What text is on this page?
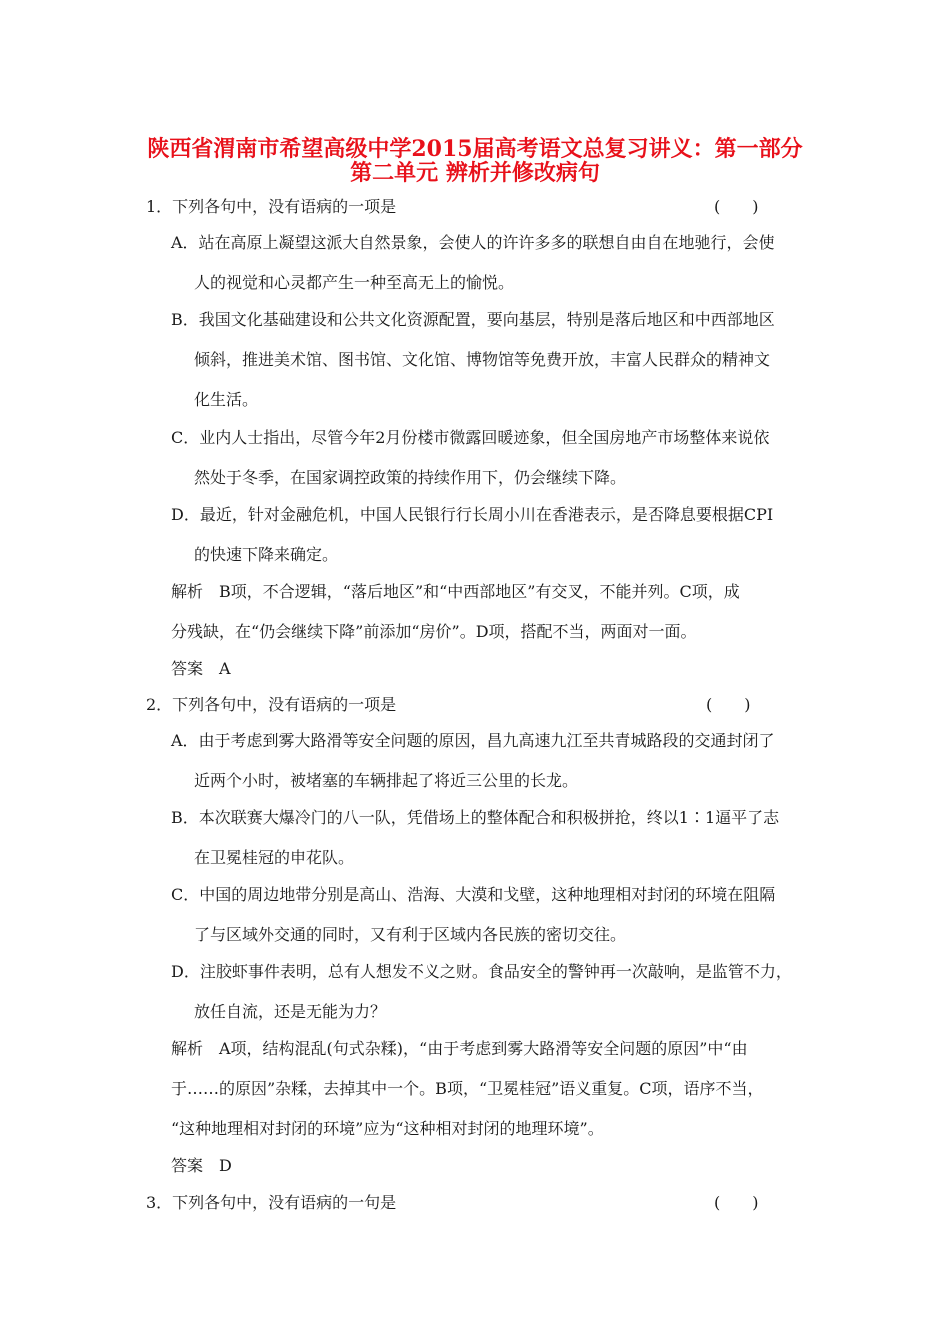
陕西省渭南市希望高级中学2015届高考语文总复习讲义：第一部分
第二单元 辨析并修改病句
1．下列各句中，没有语病的一项是	(　　)
A．站在高原上凝望这派大自然景象，会使人的许许多多的联想自由自在地驰行，会使
人的视觉和心灵都产生一种至高无上的愉悦。
B．我国文化基础建设和公共文化资源配置，要向基层，特别是落后地区和中西部地区
倾斜，推进美术馆、图书馆、文化馆、博物馆等免费开放，丰富人民群众的精神文
化生活。
C．业内人士指出，尽管今年2月份楼市微露回暖迹象，但全国房地产市场整体来说依
然处于冬季，在国家调控政策的持续作用下，仍会继续下降。
D．最近，针对金融危机，中国人民银行行长周小川在香港表示，是否降息要根据CPI
的快速下降来确定。
解析　B项，不合逻辑，“落后地区”和“中西部地区”有交叉，不能并列。C项，成
分残缺，在“仍会继续下降”前添加“房价”。D项，搭配不当，两面对一面。
答案　A
2．下列各句中，没有语病的一项是	(　　)
A．由于考虑到雾大路滑等安全问题的原因，昌九高速九江至共青城路段的交通封闭了
近两个小时，被堵塞的车辆排起了将近三公里的长龙。
B．本次联赛大爆冷门的八一队，凭借场上的整体配合和积极拼抢，终以1∶1逼平了志
在卫冕桂冠的申花队。
C．中国的周边地带分别是高山、浩海、大漠和戈壁，这种地理相对封闭的环境在阻隔
了与区域外交通的同时，又有利于区域内各民族的密切交往。
D．注胶虾事件表明，总有人想发不义之财。食品安全的警钟再一次敲响，是监管不力，
放任自流，还是无能为力？
解析　A项，结构混乱(句式杂糅)，“由于考虑到雾大路滑等安全问题的原因”中“由
于……的原因”杂糅，去掉其中一个。B项，“卫冕桂冠”语义重复。C项，语序不当，
“这种地理相对封闭的环境”应为“这种相对封闭的地理环境”。
答案　D
3．下列各句中，没有语病的一句是	(　　)
